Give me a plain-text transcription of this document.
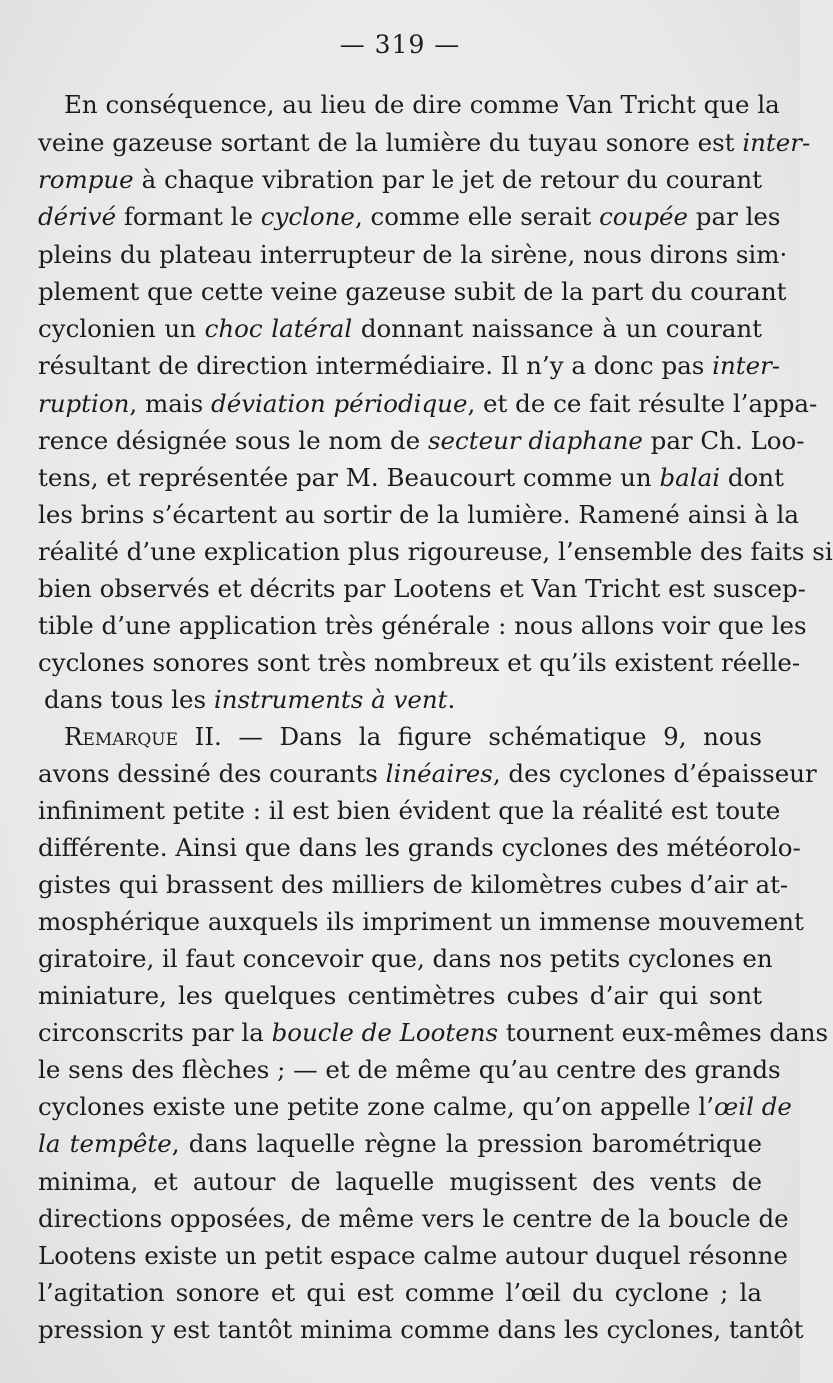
— 319 —
En conséquence, au lieu de dire comme Van Tricht que la
veine gazeuse sortant de la lumière du tuyau sonore est inter-
rompue à chaque vibration par le jet de retour du courant
dérivé formant le cyclone, comme elle serait coupée par les
pleins du plateau interrupteur de la sirène, nous dirons sim·
plement que cette veine gazeuse subit de la part du courant
cyclonien un choc latéral donnant naissance à un courant
résultant de direction intermédiaire. Il n’y a donc pas inter-
ruption, mais déviation périodique, et de ce fait résulte l’appa-
rence désignée sous le nom de secteur diaphane par Ch. Loo-
tens, et représentée par M. Beaucourt comme un balai dont
les brins s’écartent au sortir de la lumière. Ramené ainsi à la
réalité d’une explication plus rigoureuse, l’ensemble des faits si
bien observés et décrits par Lootens et Van Tricht est suscep-
tible d’une application très générale : nous allons voir que les
cyclones sonores sont très nombreux et qu’ils existent réelle-
dans tous les instruments à vent.
Remarque II. — Dans la figure schématique 9, nous
avons dessiné des courants linéaires, des cyclones d’épaisseur
infiniment petite : il est bien évident que la réalité est toute
différente. Ainsi que dans les grands cyclones des météorolo-
gistes qui brassent des milliers de kilomètres cubes d’air at-
mosphérique auxquels ils impriment un immense mouvement
giratoire, il faut concevoir que, dans nos petits cyclones en
miniature, les quelques centimètres cubes d’air qui sont
circonscrits par la boucle de Lootens tournent eux-mêmes dans
le sens des flèches ; — et de même qu’au centre des grands
cyclones existe une petite zone calme, qu’on appelle l’œil de
la tempête, dans laquelle règne la pression barométrique
minima, et autour de laquelle mugissent des vents de
directions opposées, de même vers le centre de la boucle de
Lootens existe un petit espace calme autour duquel résonne
l’agitation sonore et qui est comme l’œil du cyclone ; la
pression y est tantôt minima comme dans les cyclones, tantôt
